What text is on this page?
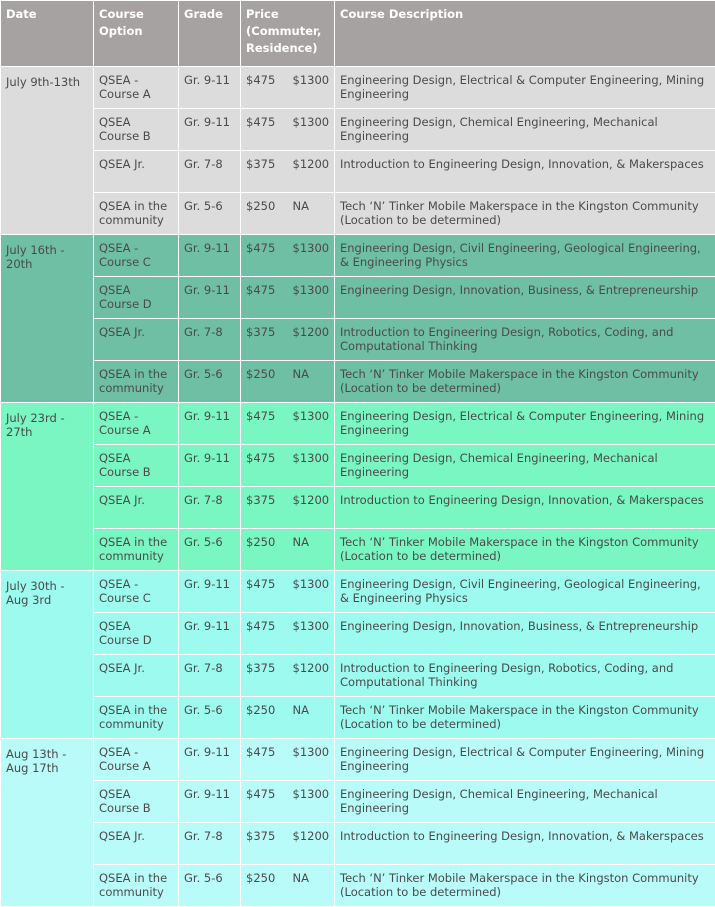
Date	Course Option	Grade	Price (Commuter, Residence)		Course Description
July 9th-13th	QSEA - Course A	Gr. 9-11	$475	$1300	Engineering Design, Electrical & Computer Engineering, Mining Engineering
	QSEA Course B	Gr. 9-11	$475	$1300	Engineering Design, Chemical Engineering, Mechanical Engineering
	QSEA Jr.	Gr. 7-8	$375	$1200	Introduction to Engineering Design, Innovation, & Makerspaces
	QSEA in the community	Gr. 5-6	$250	NA	Tech ‘N’ Tinker Mobile Makerspace in the Kingston Community (Location to be determined)
July 16th - 20th	QSEA - Course C	Gr. 9-11	$475	$1300	Engineering Design, Civil Engineering, Geological Engineering, & Engineering Physics
	QSEA Course D	Gr. 9-11	$475	$1300	Engineering Design, Innovation, Business, & Entrepreneurship
	QSEA Jr.	Gr. 7-8	$375	$1200	Introduction to Engineering Design, Robotics, Coding, and Computational Thinking
	QSEA in the community	Gr. 5-6	$250	NA	Tech ‘N’ Tinker Mobile Makerspace in the Kingston Community (Location to be determined)
July 23rd - 27th	QSEA - Course A	Gr. 9-11	$475	$1300	Engineering Design, Electrical & Computer Engineering, Mining Engineering
	QSEA Course B	Gr. 9-11	$475	$1300	Engineering Design, Chemical Engineering, Mechanical Engineering
	QSEA Jr.	Gr. 7-8	$375	$1200	Introduction to Engineering Design, Innovation, & Makerspaces
	QSEA in the community	Gr. 5-6	$250	NA	Tech ‘N’ Tinker Mobile Makerspace in the Kingston Community (Location to be determined)
July 30th - Aug 3rd	QSEA - Course C	Gr. 9-11	$475	$1300	Engineering Design, Civil Engineering, Geological Engineering, & Engineering Physics
	QSEA Course D	Gr. 9-11	$475	$1300	Engineering Design, Innovation, Business, & Entrepreneurship
	QSEA Jr.	Gr. 7-8	$375	$1200	Introduction to Engineering Design, Robotics, Coding, and Computational Thinking
	QSEA in the community	Gr. 5-6	$250	NA	Tech ‘N’ Tinker Mobile Makerspace in the Kingston Community (Location to be determined)
Aug 13th - Aug 17th	QSEA - Course A	Gr. 9-11	$475	$1300	Engineering Design, Electrical & Computer Engineering, Mining Engineering
	QSEA Course B	Gr. 9-11	$475	$1300	Engineering Design, Chemical Engineering, Mechanical Engineering
	QSEA Jr.	Gr. 7-8	$375	$1200	Introduction to Engineering Design, Innovation, & Makerspaces
	QSEA in the community	Gr. 5-6	$250	NA	Tech ‘N’ Tinker Mobile Makerspace in the Kingston Community (Location to be determined)
